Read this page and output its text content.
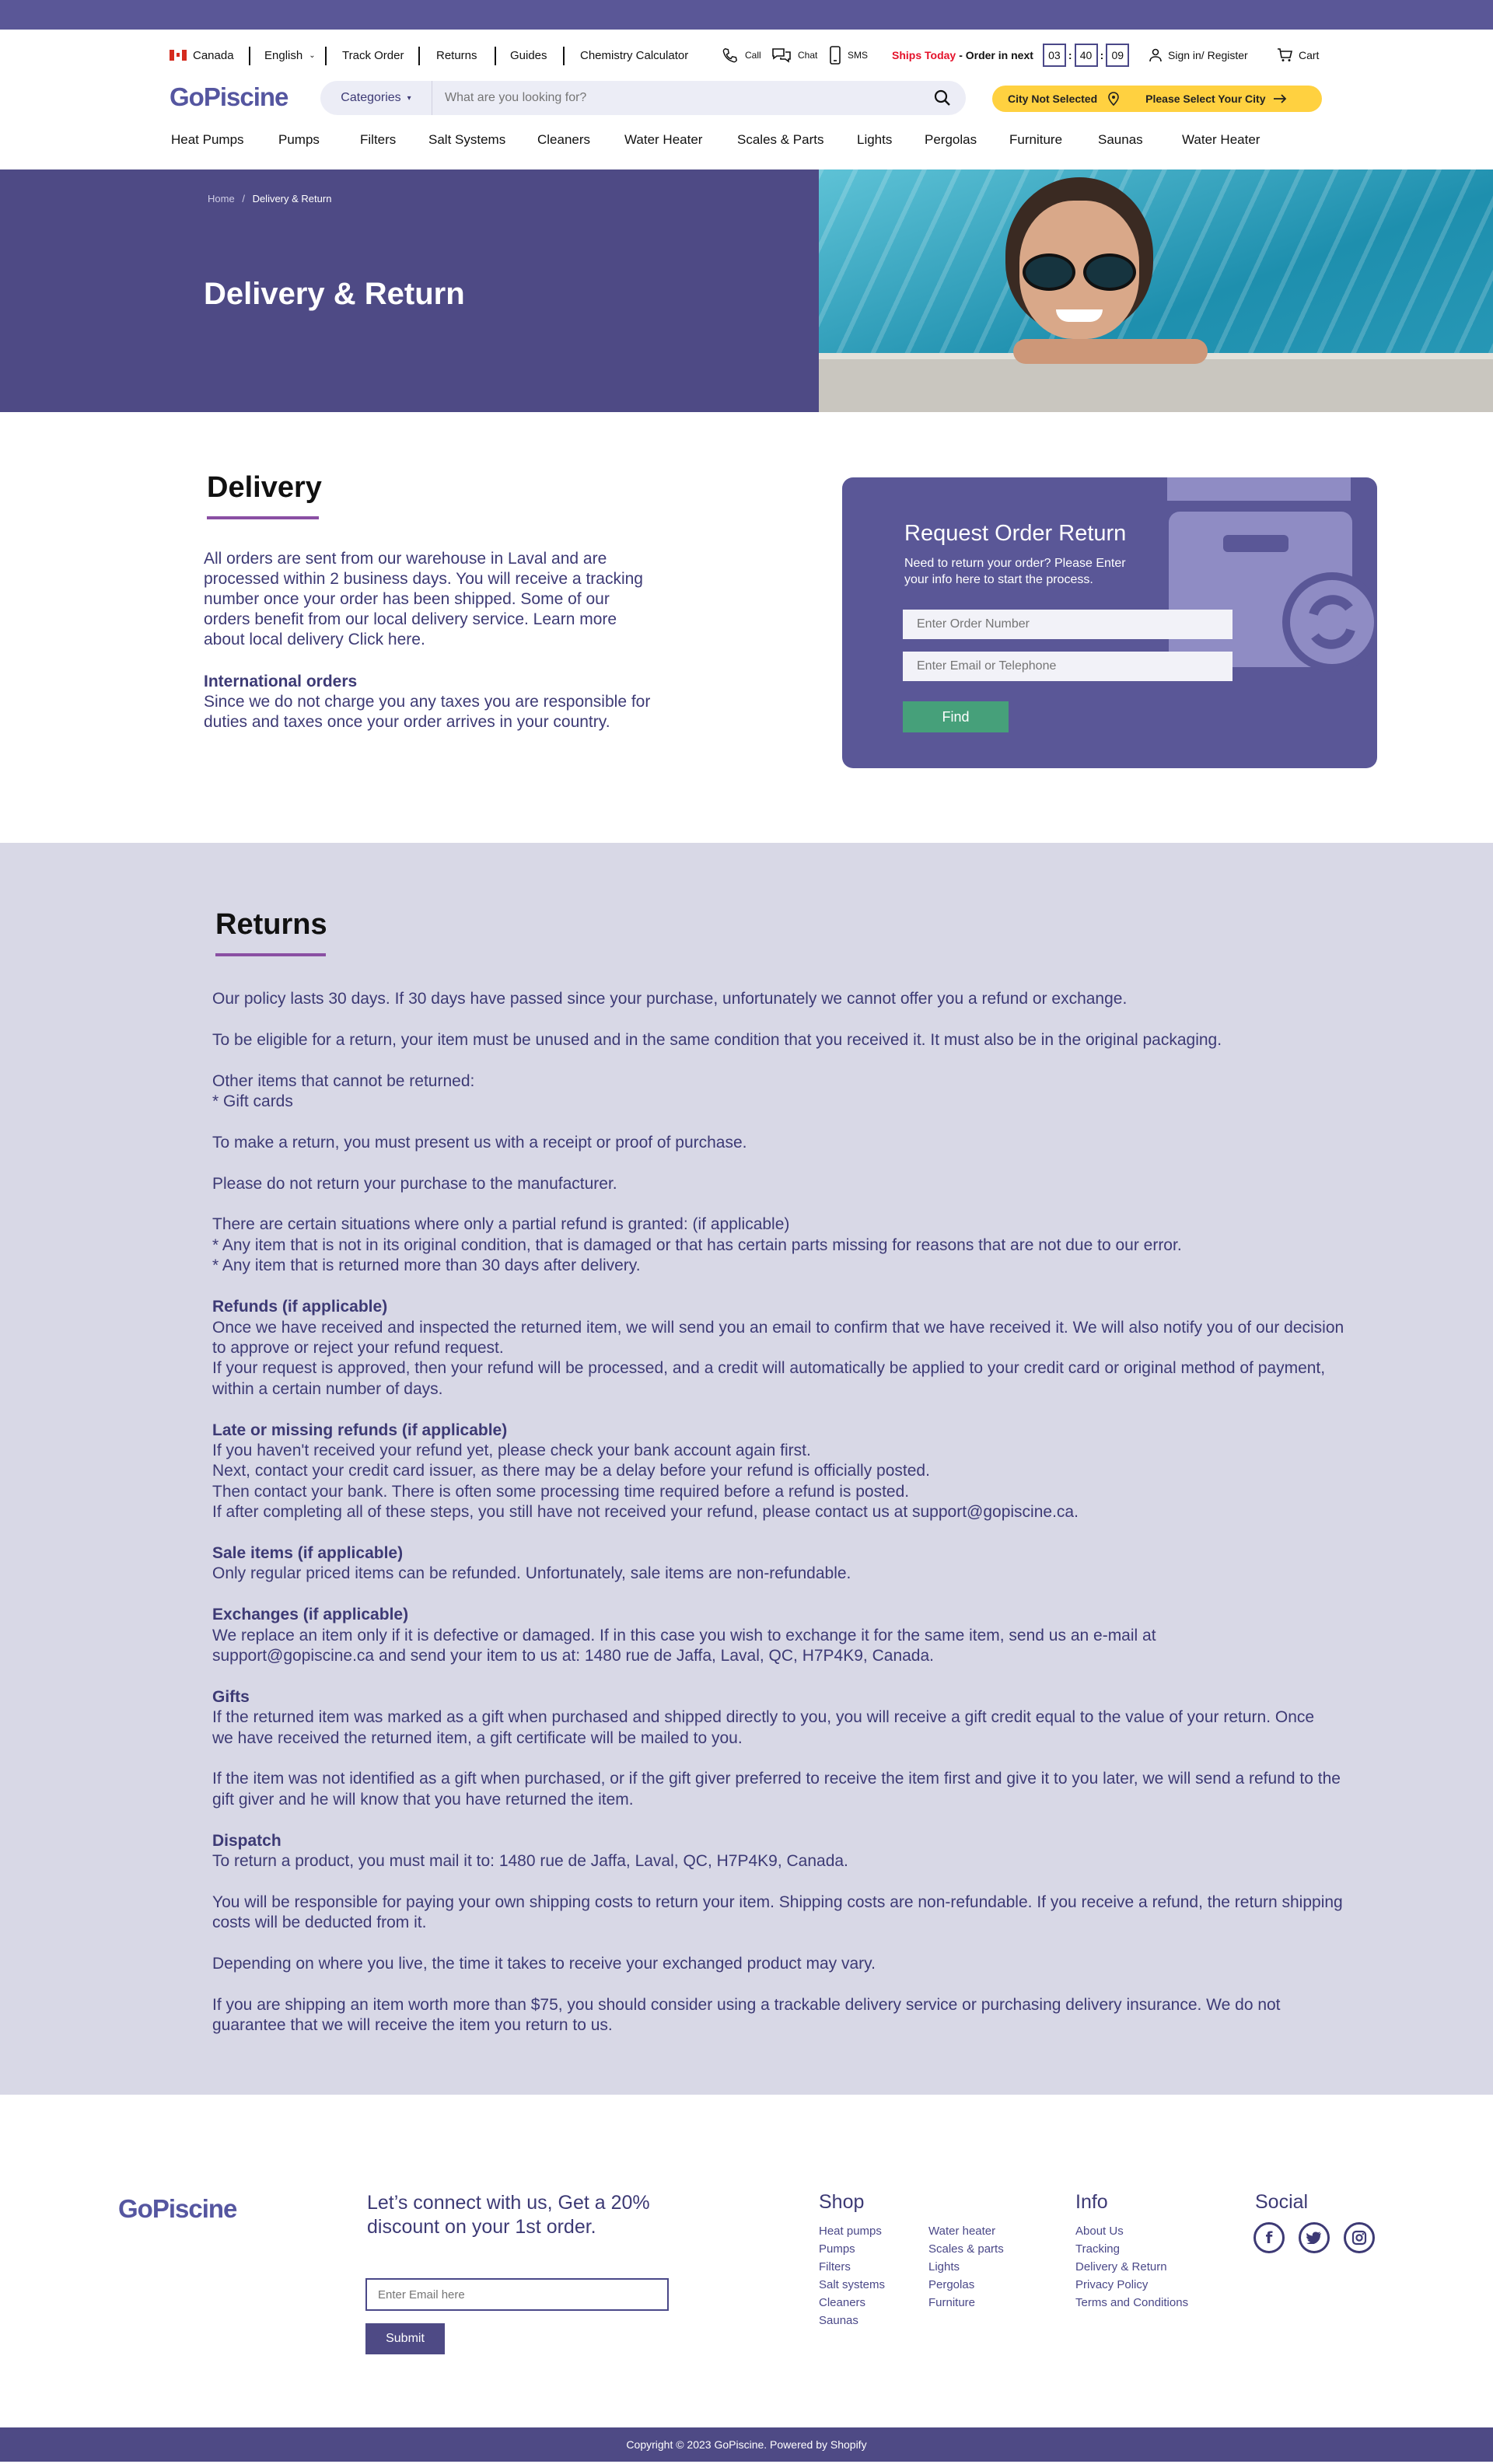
Canada	English ⌄ Track Order	Returns	Guides	Chemistry Calculator	Call	Chat	SMS Ships Today - Order in next	03 : 40 : 09	Sign in/ Register	Cart
GoPiscine	Categories ▾
What are you looking for?	City Not Selected	Please Select Your City
Heat Pumps	Pumps	Filters Salt Systems Cleaners	Water Heater	Scales & Parts	Lights Pergolas Furniture	Saunas	Water Heater
Home / Delivery & Return
Delivery & Return
Delivery

All orders are sent from our warehouse in Laval and are processed within 2 business days. You will receive a tracking number once your order has been shipped. Some of our orders benefit from our local delivery service. Learn more about local delivery Click here.

International orders
Since we do not charge you any taxes you are responsible for duties and taxes once your order arrives in your country.

Request Order Return
Need to return your order? Please Enter your info here to start the process.
Enter Order Number
Enter Email or Telephone
Find
Returns
Our policy lasts 30 days. If 30 days have passed since your purchase, unfortunately we cannot offer you a refund or exchange.

To be eligible for a return, your item must be unused and in the same condition that you received it. It must also be in the original packaging.

Other items that cannot be returned:
* Gift cards

To make a return, you must present us with a receipt or proof of purchase.

Please do not return your purchase to the manufacturer.

There are certain situations where only a partial refund is granted: (if applicable)
* Any item that is not in its original condition, that is damaged or that has certain parts missing for reasons that are not due to our error.
* Any item that is returned more than 30 days after delivery.

Refunds (if applicable)
Once we have received and inspected the returned item, we will send you an email to confirm that we have received it. We will also notify you of our decision to approve or reject your refund request.
If your request is approved, then your refund will be processed, and a credit will automatically be applied to your credit card or original method of payment, within a certain number of days.

Late or missing refunds (if applicable)
If you haven't received your refund yet, please check your bank account again first.
Next, contact your credit card issuer, as there may be a delay before your refund is officially posted.
Then contact your bank. There is often some processing time required before a refund is posted.
If after completing all of these steps, you still have not received your refund, please contact us at support@gopiscine.ca.

Sale items (if applicable)
Only regular priced items can be refunded. Unfortunately, sale items are non-refundable.

Exchanges (if applicable)
We replace an item only if it is defective or damaged. If in this case you wish to exchange it for the same item, send us an e-mail at support@gopiscine.ca and send your item to us at: 1480 rue de Jaffa, Laval, QC, H7P4K9, Canada.

Gifts
If the returned item was marked as a gift when purchased and shipped directly to you, you will receive a gift credit equal to the value of your return. Once we have received the returned item, a gift certificate will be mailed to you.

If the item was not identified as a gift when purchased, or if the gift giver preferred to receive the item first and give it to you later, we will send a refund to the gift giver and he will know that you have returned the item.

Dispatch
To return a product, you must mail it to: 1480 rue de Jaffa, Laval, QC, H7P4K9, Canada.

You will be responsible for paying your own shipping costs to return your item. Shipping costs are non-refundable. If you receive a refund, the return shipping costs will be deducted from it.

Depending on where you live, the time it takes to receive your exchanged product may vary.

If you are shipping an item worth more than $75, you should consider using a trackable delivery service or purchasing delivery insurance. We do not guarantee that we will receive the item you return to us.
GoPiscine	Let’s connect with us, Get a 20% discount on your 1st order.
Enter Email here
Submit
Shop
Heat pumps
Pumps
Filters
Salt systems
Cleaners
Saunas
Water heater
Scales & parts
Lights
Pergolas
Furniture
Info
About Us
Tracking
Delivery & Return
Privacy Policy
Terms and Conditions
Social
f
Copyright © 2023 GoPiscine. Powered by Shopify
